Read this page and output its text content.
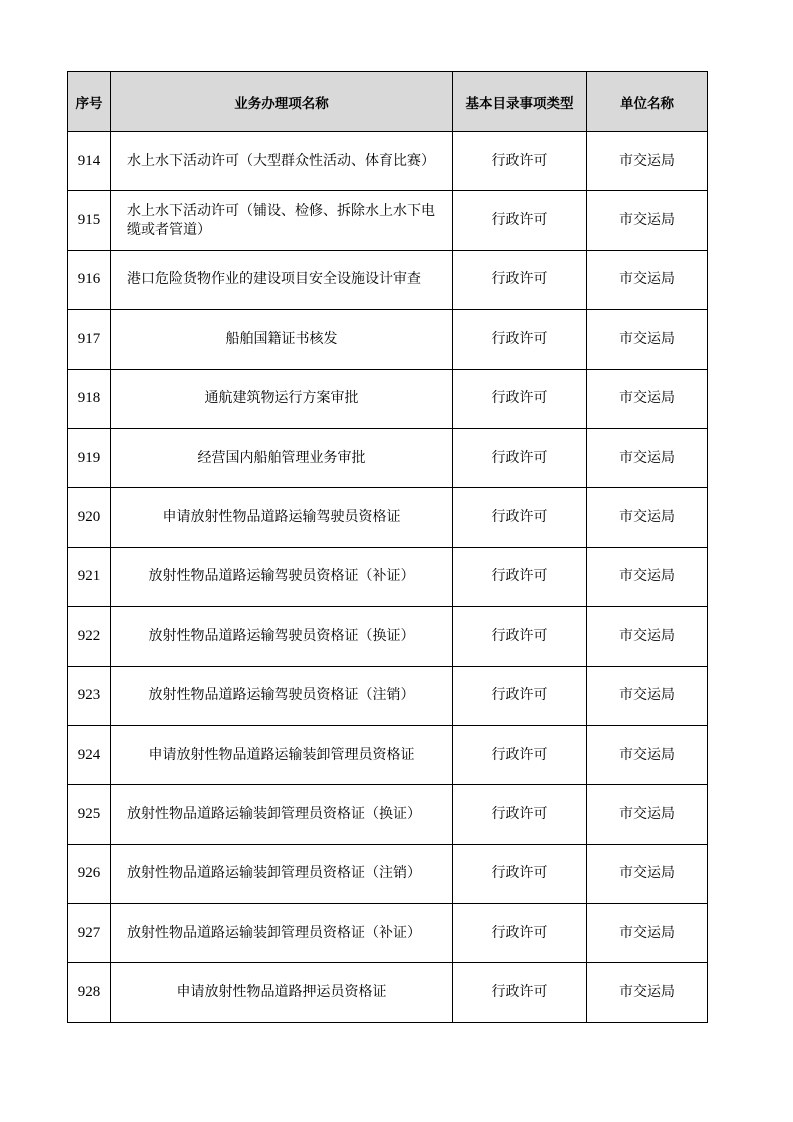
序号	业务办理项名称	基本目录事项类型	单位名称
914	水上水下活动许可（大型群众性活动、体育比赛）	行政许可	市交运局
915	水上水下活动许可（铺设、检修、拆除水上水下电缆或者管道）	行政许可	市交运局
916	港口危险货物作业的建设项目安全设施设计审查	行政许可	市交运局
917	船舶国籍证书核发	行政许可	市交运局
918	通航建筑物运行方案审批	行政许可	市交运局
919	经营国内船舶管理业务审批	行政许可	市交运局
920	申请放射性物品道路运输驾驶员资格证	行政许可	市交运局
921	放射性物品道路运输驾驶员资格证（补证）	行政许可	市交运局
922	放射性物品道路运输驾驶员资格证（换证）	行政许可	市交运局
923	放射性物品道路运输驾驶员资格证（注销）	行政许可	市交运局
924	申请放射性物品道路运输装卸管理员资格证	行政许可	市交运局
925	放射性物品道路运输装卸管理员资格证（换证）	行政许可	市交运局
926	放射性物品道路运输装卸管理员资格证（注销）	行政许可	市交运局
927	放射性物品道路运输装卸管理员资格证（补证）	行政许可	市交运局
928	申请放射性物品道路押运员资格证	行政许可	市交运局
